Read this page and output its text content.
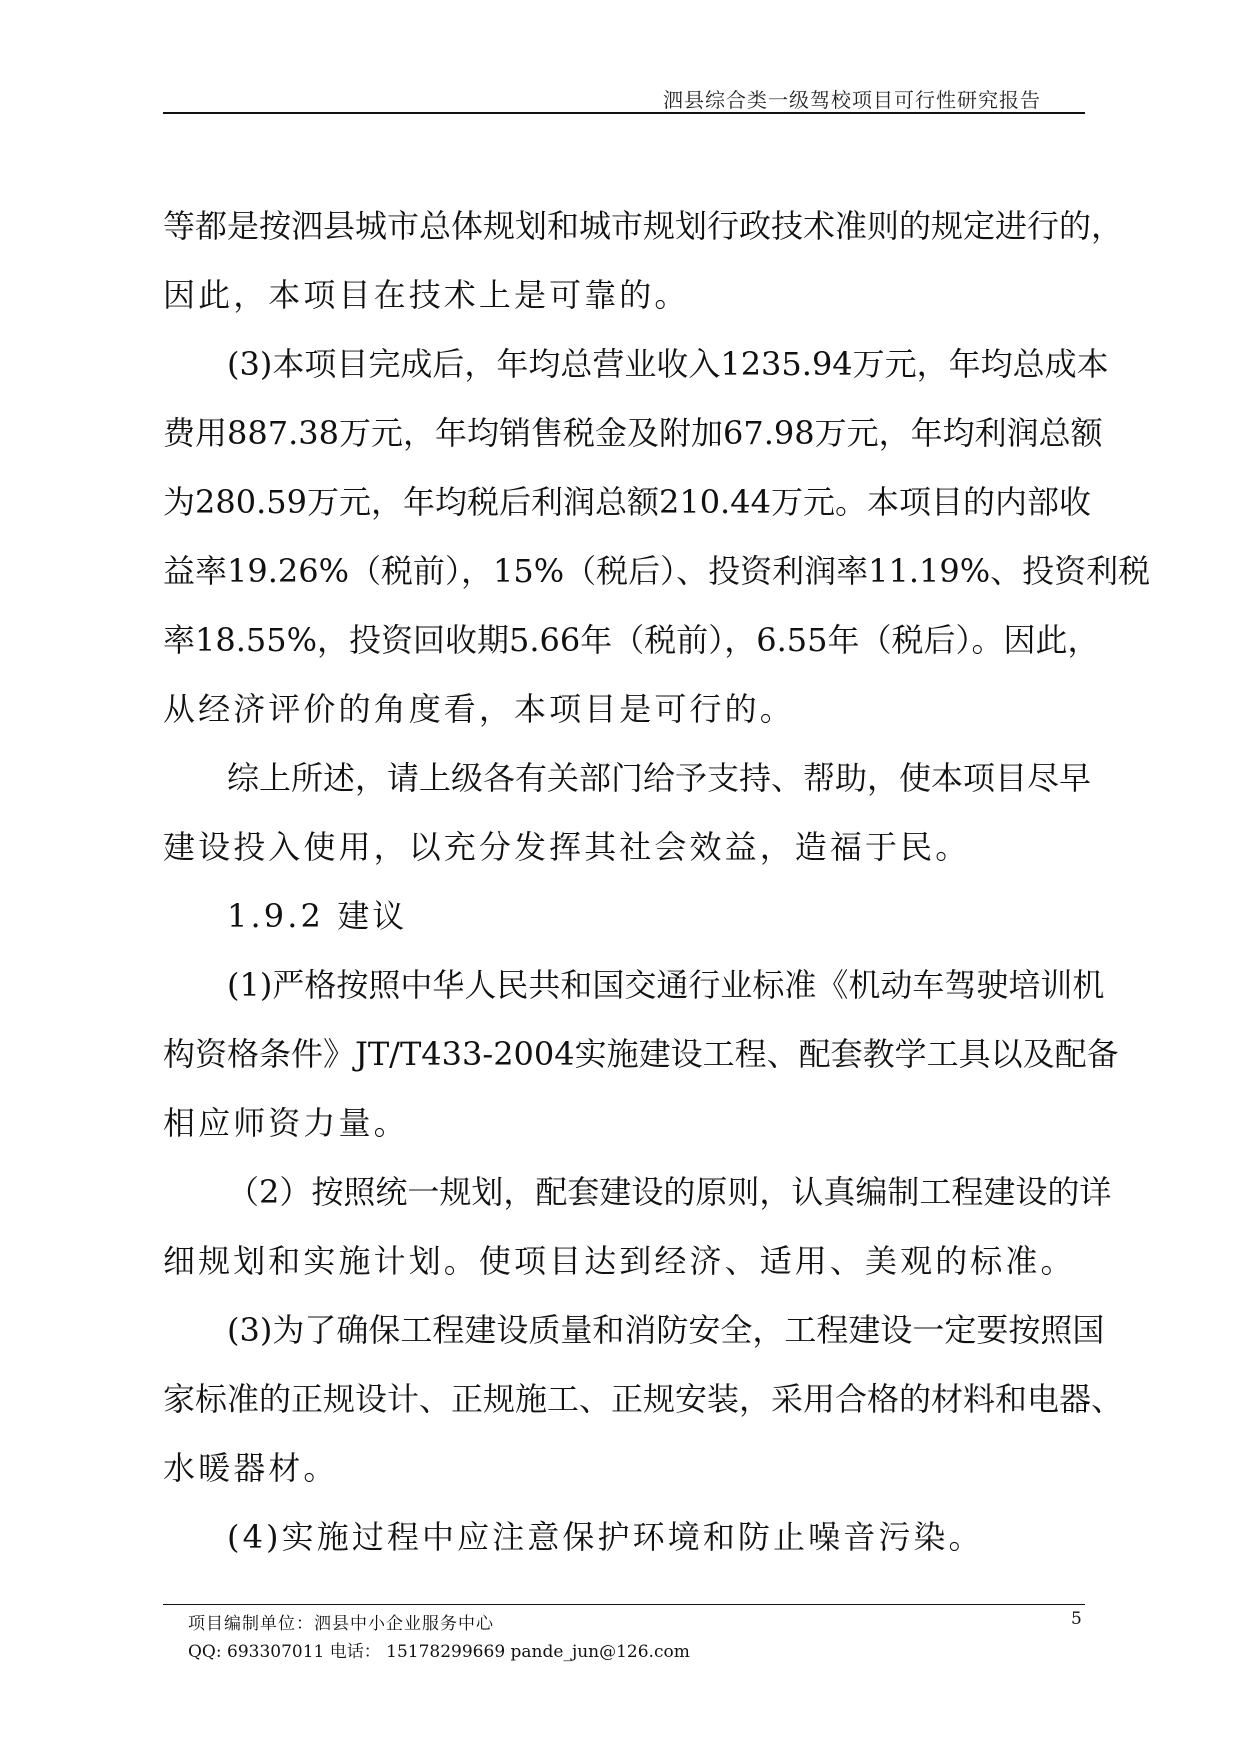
泗县综合类一级驾校项目可行性研究报告
等都是按泗县城市总体规划和城市规划行政技术准则的规定进行的，
因此，本项目在技术上是可靠的。
(3)本项目完成后，年均总营业收入1235.94万元，年均总成本
费用887.38万元，年均销售税金及附加67.98万元，年均利润总额
为280.59万元，年均税后利润总额210.44万元。本项目的内部收
益率19.26%（税前），15%（税后）、投资利润率11.19%、投资利税
率18.55%，投资回收期5.66年（税前），6.55年（税后）。因此，
从经济评价的角度看，本项目是可行的。
综上所述，请上级各有关部门给予支持、帮助，使本项目尽早
建设投入使用，以充分发挥其社会效益，造福于民。
1.9.2 建议
(1)严格按照中华人民共和国交通行业标准《机动车驾驶培训机
构资格条件》JT/T433-2004实施建设工程、配套教学工具以及配备
相应师资力量。
（2）按照统一规划，配套建设的原则，认真编制工程建设的详
细规划和实施计划。使项目达到经济、适用、美观的标准。
(3)为了确保工程建设质量和消防安全，工程建设一定要按照国
家标准的正规设计、正规施工、正规安装，采用合格的材料和电器、
水暖器材。
(4)实施过程中应注意保护环境和防止噪音污染。
项目编制单位：泗县中小企业服务中心
QQ: 693307011 电话： 15178299669 pande_jun@126.com
5
